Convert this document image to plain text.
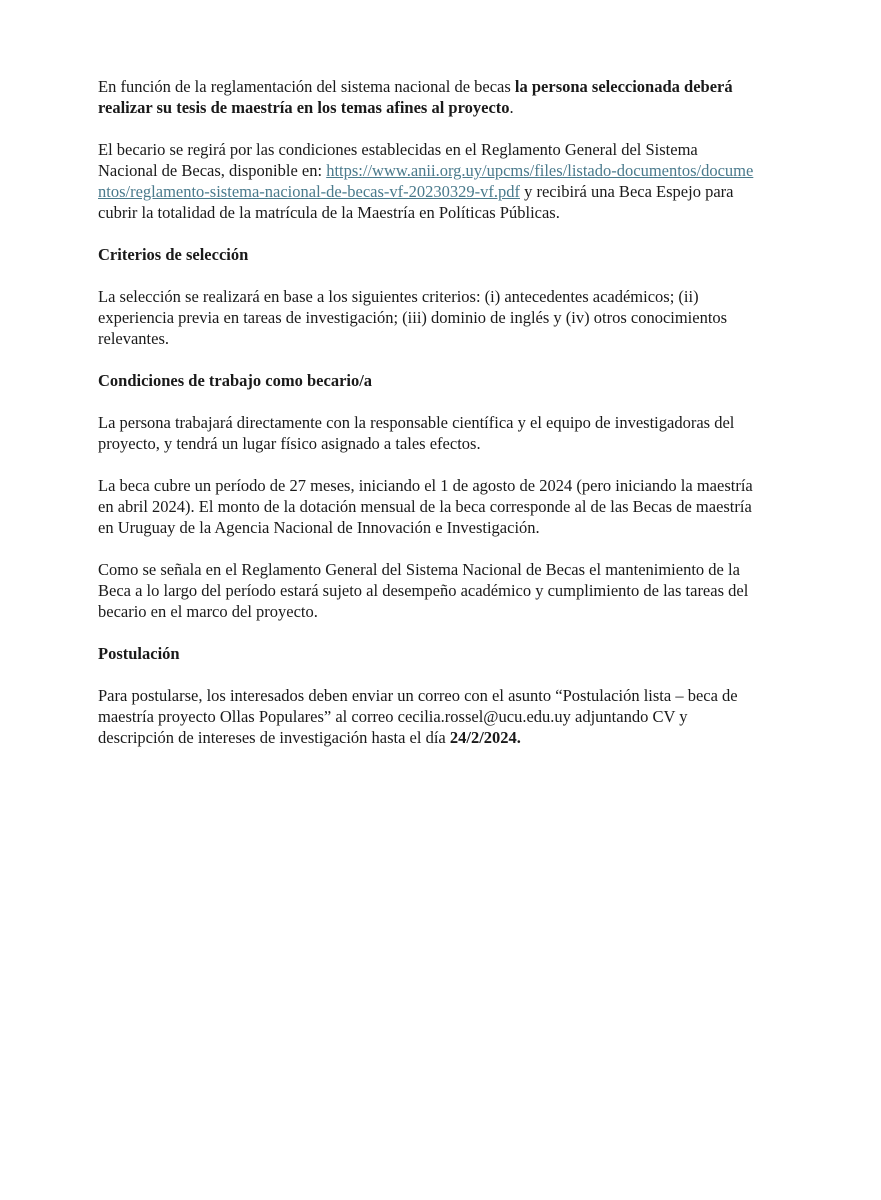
En función de la reglamentación del sistema nacional de becas la persona seleccionada deberá realizar su tesis de maestría en los temas afines al proyecto.

El becario se regirá por las condiciones establecidas en el Reglamento General del Sistema Nacional de Becas, disponible en: https://www.anii.org.uy/upcms/files/listado-documentos/documentos/reglamento-sistema-nacional-de-becas-vf-20230329-vf.pdf y recibirá una Beca Espejo para cubrir la totalidad de la matrícula de la Maestría en Políticas Públicas.

Criterios de selección

La selección se realizará en base a los siguientes criterios: (i) antecedentes académicos; (ii) experiencia previa en tareas de investigación; (iii) dominio de inglés y (iv) otros conocimientos relevantes.

Condiciones de trabajo como becario/a

La persona trabajará directamente con la responsable científica y el equipo de investigadoras del proyecto, y tendrá un lugar físico asignado a tales efectos.

La beca cubre un período de 27 meses, iniciando el 1 de agosto de 2024 (pero iniciando la maestría en abril 2024). El monto de la dotación mensual de la beca corresponde al de las Becas de maestría en Uruguay de la Agencia Nacional de Innovación e Investigación.

Como se señala en el Reglamento General del Sistema Nacional de Becas el mantenimiento de la Beca a lo largo del período estará sujeto al desempeño académico y cumplimiento de las tareas del becario en el marco del proyecto.

Postulación

Para postularse, los interesados deben enviar un correo con el asunto “Postulación lista – beca de maestría proyecto Ollas Populares” al correo cecilia.rossel@ucu.edu.uy adjuntando CV y descripción de intereses de investigación hasta el día 24/2/2024.
